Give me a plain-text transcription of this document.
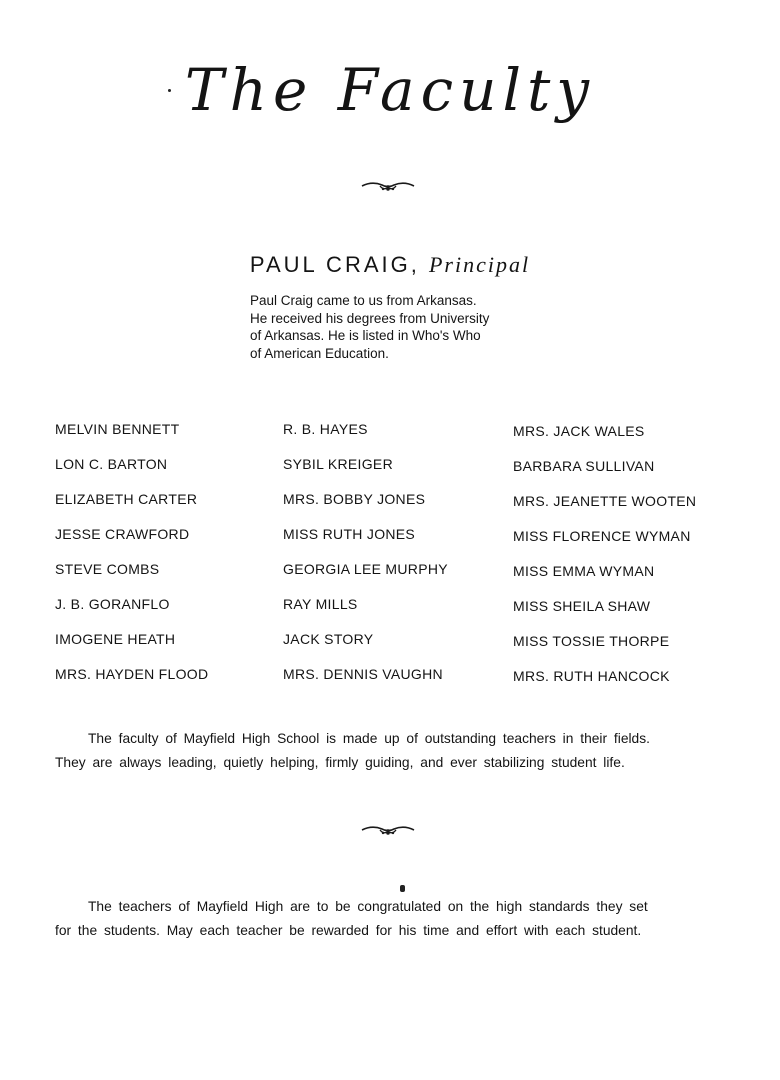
The Faculty
PAUL CRAIG, Principal
Paul Craig came to us from Arkansas.
He received his degrees from University
of Arkansas. He is listed in Who's Who
of American Education.
MELVIN BENNETT
LON C. BARTON
ELIZABETH CARTER
JESSE CRAWFORD
STEVE COMBS
J. B. GORANFLO
IMOGENE HEATH
MRS. HAYDEN FLOOD
R. B. HAYES
SYBIL KREIGER
MRS. BOBBY JONES
MISS RUTH JONES
GEORGIA LEE MURPHY
RAY MILLS
JACK STORY
MRS. DENNIS VAUGHN
MRS. JACK WALES
BARBARA SULLIVAN
MRS. JEANETTE WOOTEN
MISS FLORENCE WYMAN
MISS EMMA WYMAN
MISS SHEILA SHAW
MISS TOSSIE THORPE
MRS. RUTH HANCOCK
The faculty of Mayfield High School is made up of outstanding teachers in their fields.
They are always leading, quietly helping, firmly guiding, and ever stabilizing student life.
The teachers of Mayfield High are to be congratulated on the high standards they set
for the students. May each teacher be rewarded for his time and effort with each student.
